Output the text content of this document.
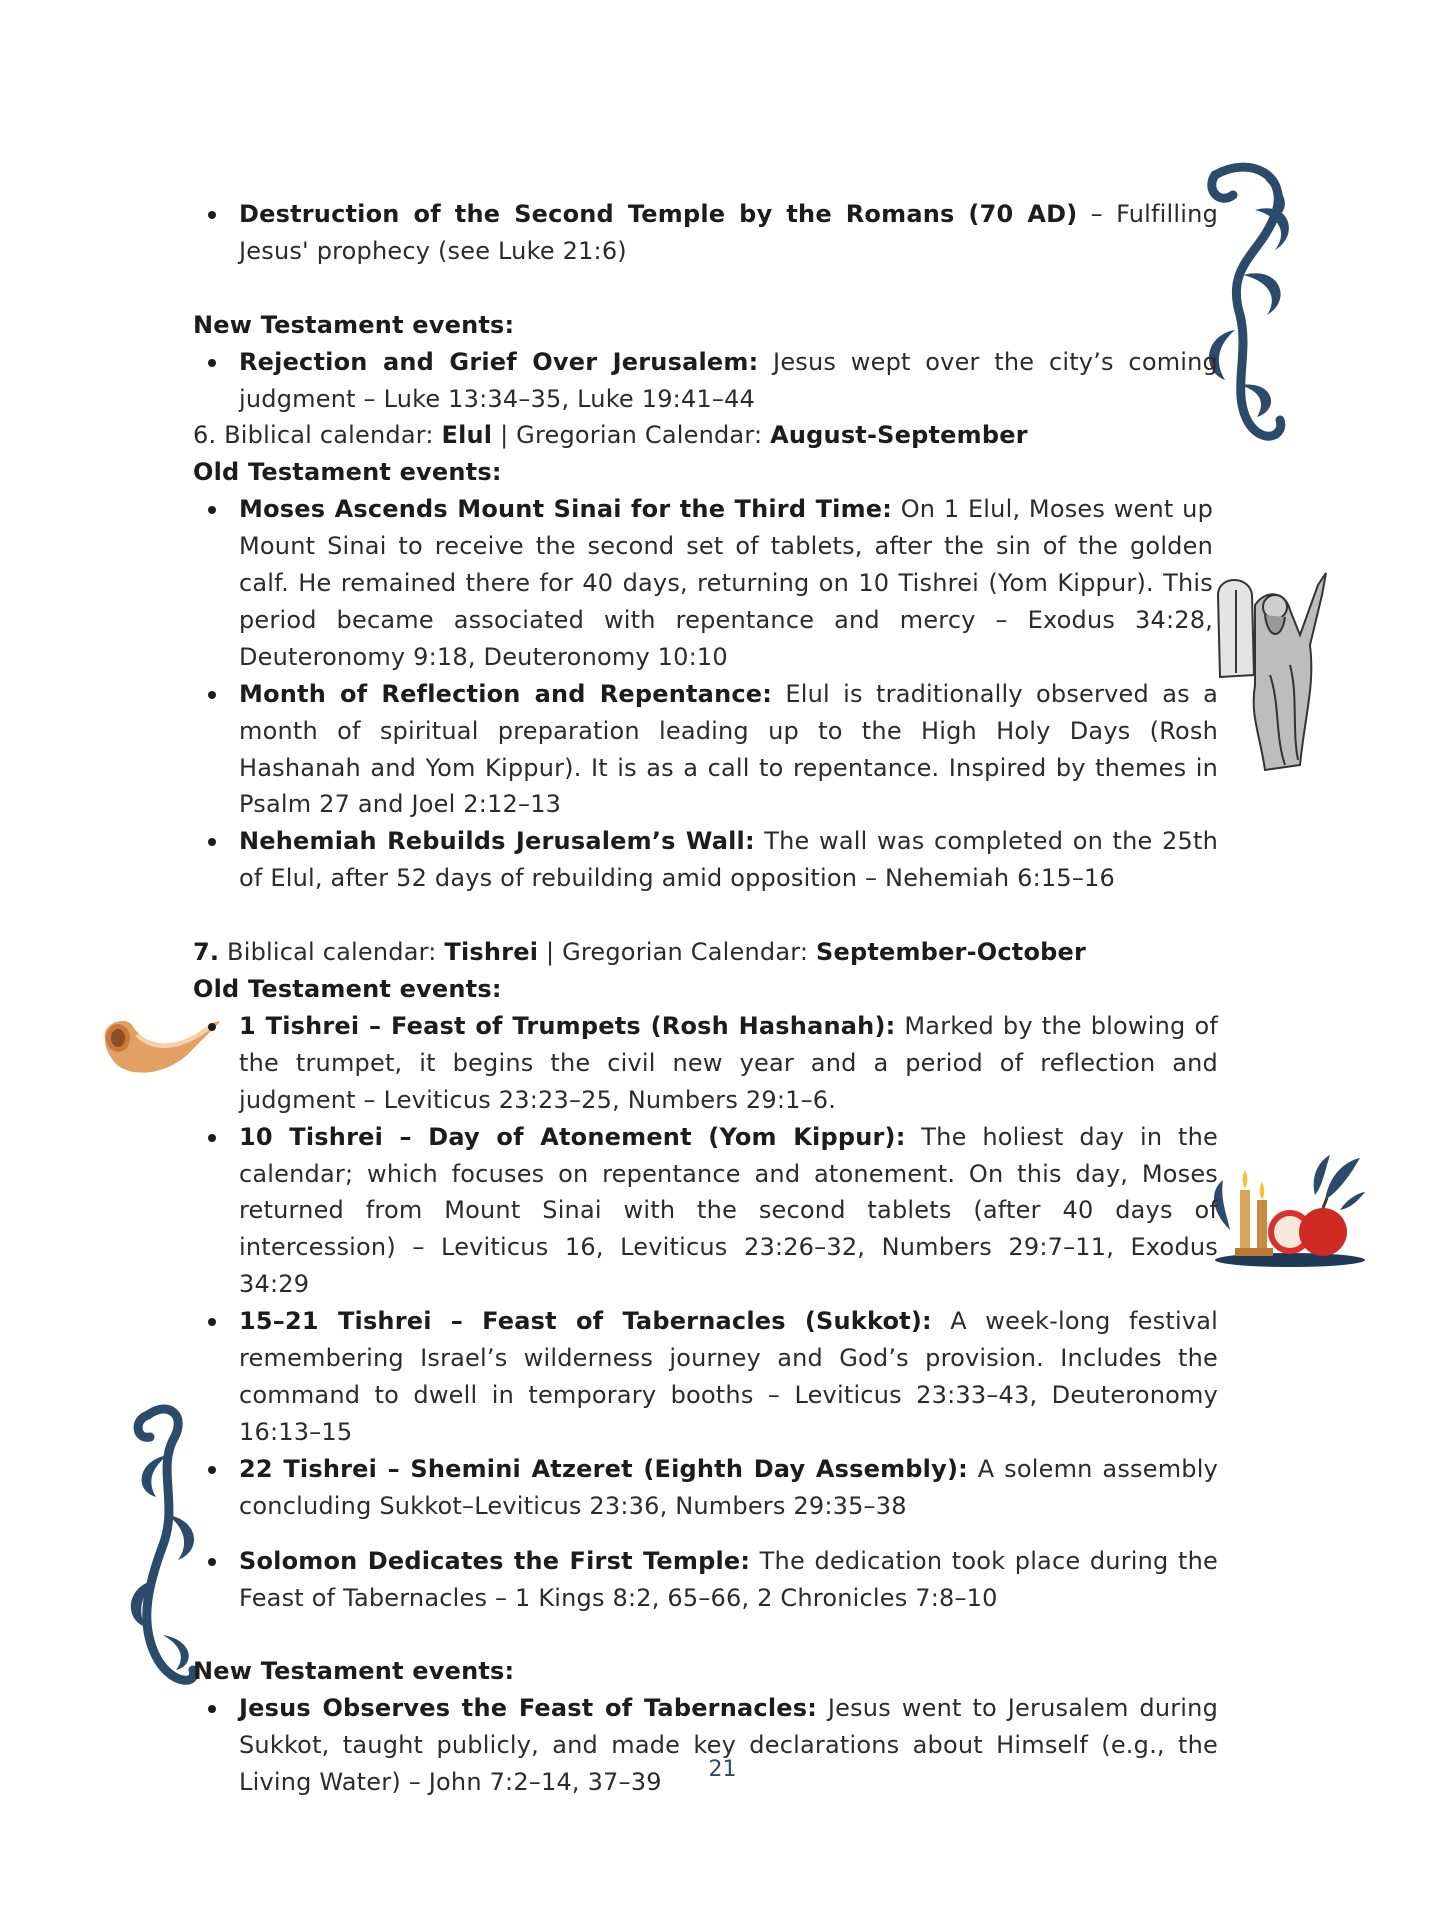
Destruction of the Second Temple by the Romans (70 AD) – Fulfilling Jesus' prophecy (see Luke 21:6)

New Testament events:

Rejection and Grief Over Jerusalem: Jesus wept over the city’s coming judgment – Luke 13:34–35, Luke 19:41–44

6. Biblical calendar: Elul | Gregorian Calendar: August-September

Old Testament events:

Moses Ascends Mount Sinai for the Third Time: On 1 Elul, Moses went up Mount Sinai to receive the second set of tablets, after the sin of the golden calf. He remained there for 40 days, returning on 10 Tishrei (Yom Kippur). This period became associated with repentance and mercy – Exodus 34:28, Deuteronomy 9:18, Deuteronomy 10:10
Month of Reflection and Repentance: Elul is traditionally observed as a month of spiritual preparation leading up to the High Holy Days (Rosh Hashanah and Yom Kippur). It is as a call to repentance. Inspired by themes in Psalm 27 and Joel 2:12–13
Nehemiah Rebuilds Jerusalem’s Wall: The wall was completed on the 25th of Elul, after 52 days of rebuilding amid opposition – Nehemiah 6:15–16

7. Biblical calendar: Tishrei | Gregorian Calendar: September-October

Old Testament events:

1 Tishrei – Feast of Trumpets (Rosh Hashanah): Marked by the blowing of the trumpet, it begins the civil new year and a period of reflection and judgment – Leviticus 23:23–25, Numbers 29:1–6.
10 Tishrei – Day of Atonement (Yom Kippur): The holiest day in the calendar; which focuses on repentance and atonement. On this day, Moses returned from Mount Sinai with the second tablets (after 40 days of intercession) – Leviticus 16, Leviticus 23:26–32, Numbers 29:7–11, Exodus 34:29
15–21 Tishrei – Feast of Tabernacles (Sukkot): A week-long festival remembering Israel’s wilderness journey and God’s provision. Includes the command to dwell in temporary booths – Leviticus 23:33–43, Deuteronomy 16:13–15
22 Tishrei – Shemini Atzeret (Eighth Day Assembly): A solemn assembly concluding Sukkot–Leviticus 23:36, Numbers 29:35–38
Solomon Dedicates the First Temple: The dedication took place during the Feast of Tabernacles – 1 Kings 8:2, 65–66, 2 Chronicles 7:8–10

New Testament events:

Jesus Observes the Feast of Tabernacles: Jesus went to Jerusalem during Sukkot, taught publicly, and made key declarations about Himself (e.g., the Living Water) – John 7:2–14, 37–39	21
